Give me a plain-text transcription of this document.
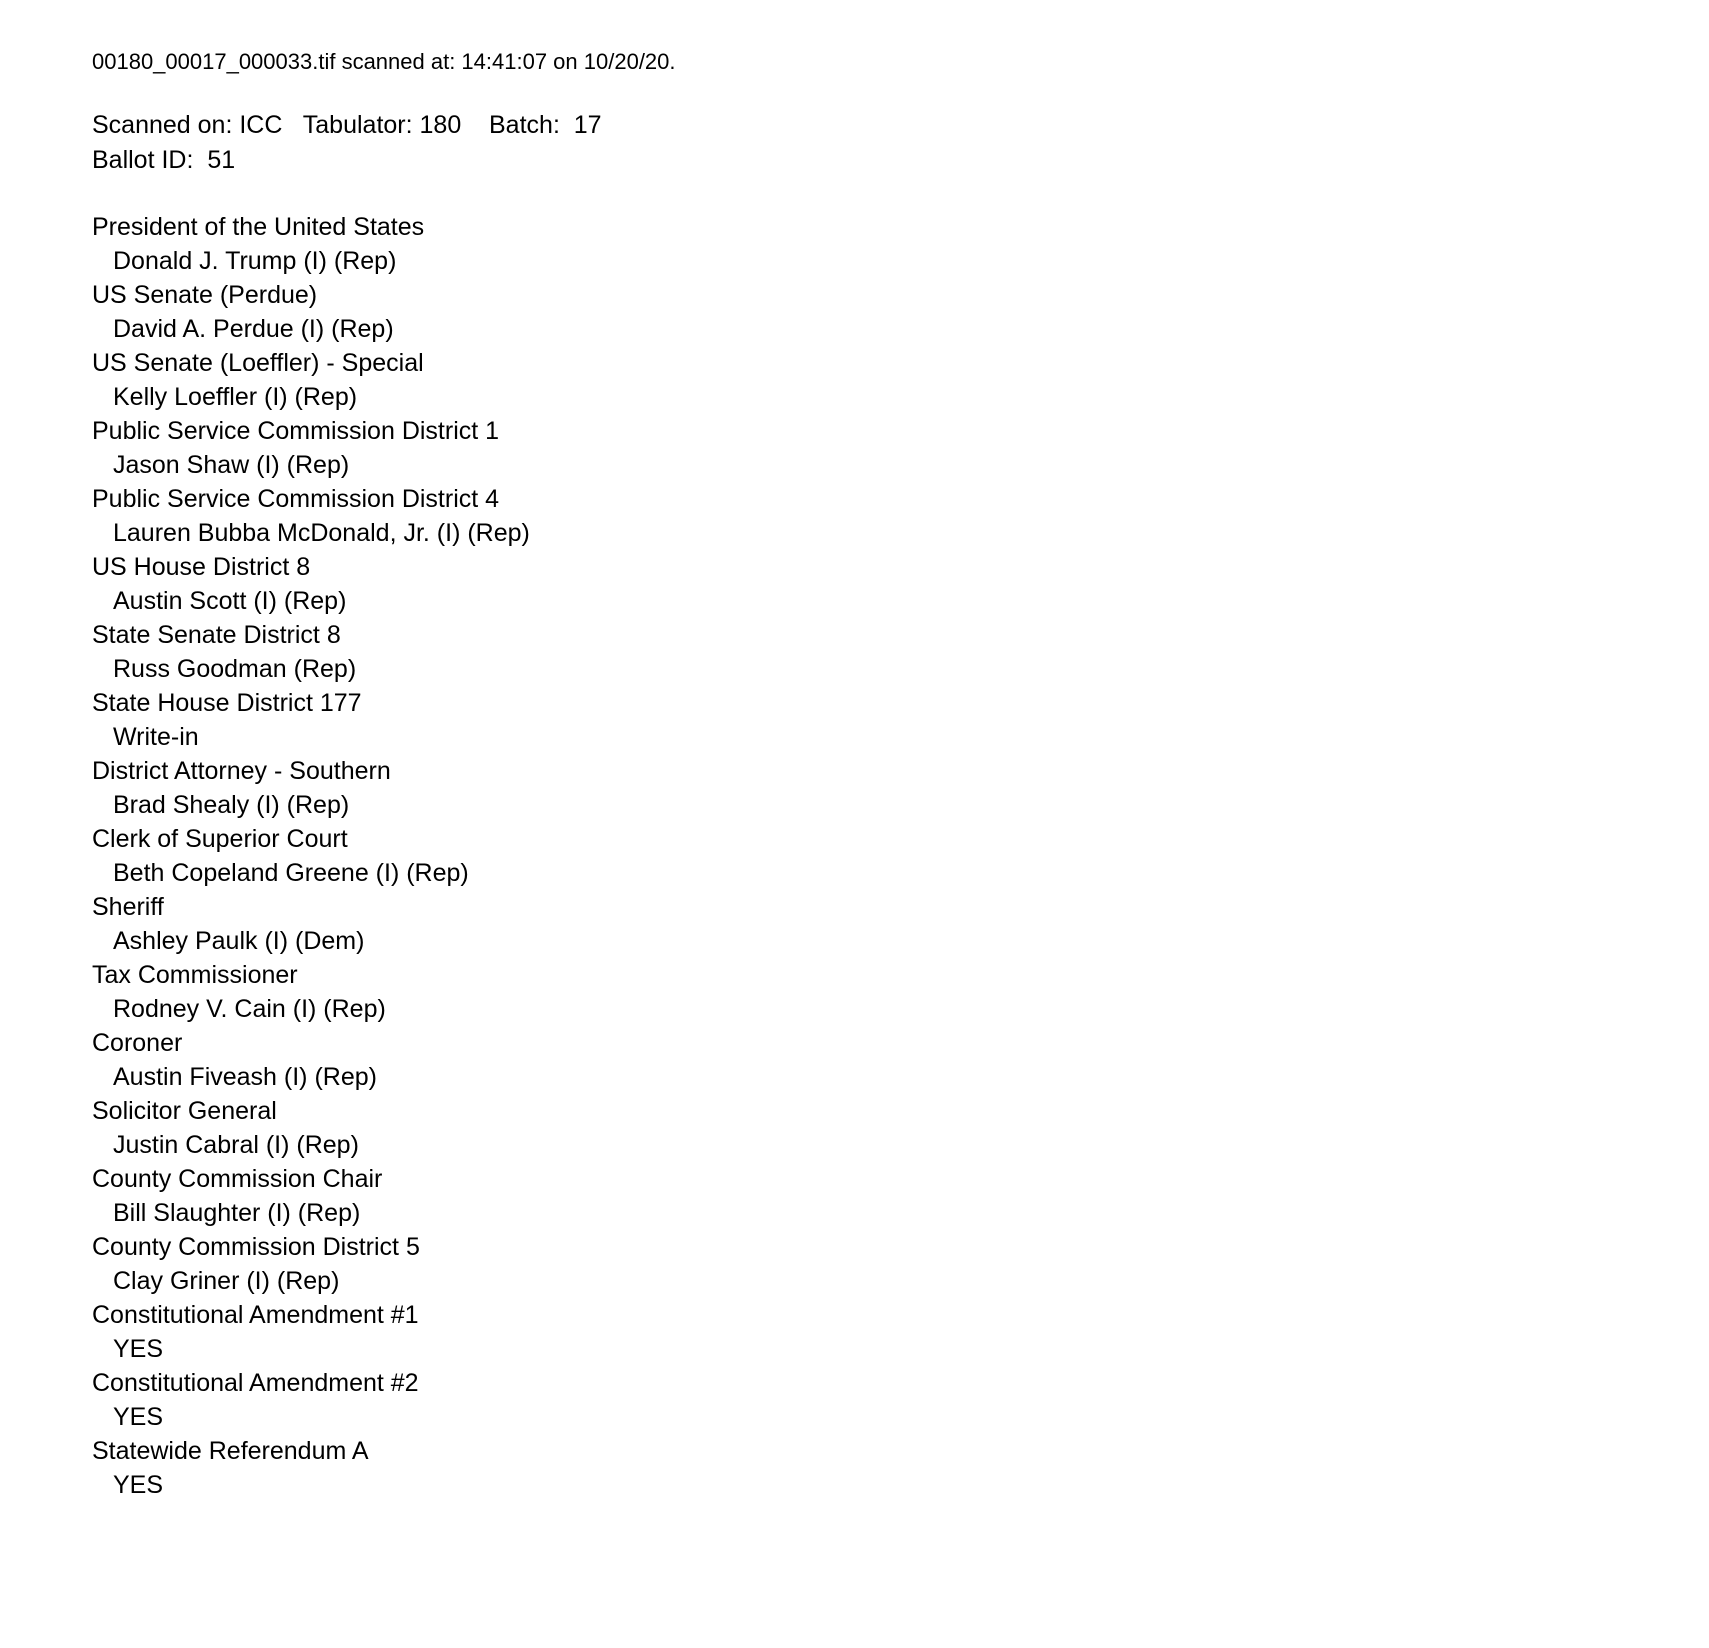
00180_00017_000033.tif scanned at: 14:41:07 on 10/20/20.

Scanned on: ICC   Tabulator: 180    Batch:  17

Ballot ID:  51

President of the United States
Donald J. Trump (I) (Rep)
US Senate (Perdue)
David A. Perdue (I) (Rep)
US Senate (Loeffler) - Special
Kelly Loeffler (I) (Rep)
Public Service Commission District 1
Jason Shaw (I) (Rep)
Public Service Commission District 4
Lauren Bubba McDonald, Jr. (I) (Rep)
US House District 8
Austin Scott (I) (Rep)
State Senate District 8
Russ Goodman (Rep)
State House District 177
Write-in
District Attorney - Southern
Brad Shealy (I) (Rep)
Clerk of Superior Court
Beth Copeland Greene (I) (Rep)
Sheriff
Ashley Paulk (I) (Dem)
Tax Commissioner
Rodney V. Cain (I) (Rep)
Coroner
Austin Fiveash (I) (Rep)
Solicitor General
Justin Cabral (I) (Rep)
County Commission Chair
Bill Slaughter (I) (Rep)
County Commission District 5
Clay Griner (I) (Rep)
Constitutional Amendment #1
YES
Constitutional Amendment #2
YES
Statewide Referendum A
YES
